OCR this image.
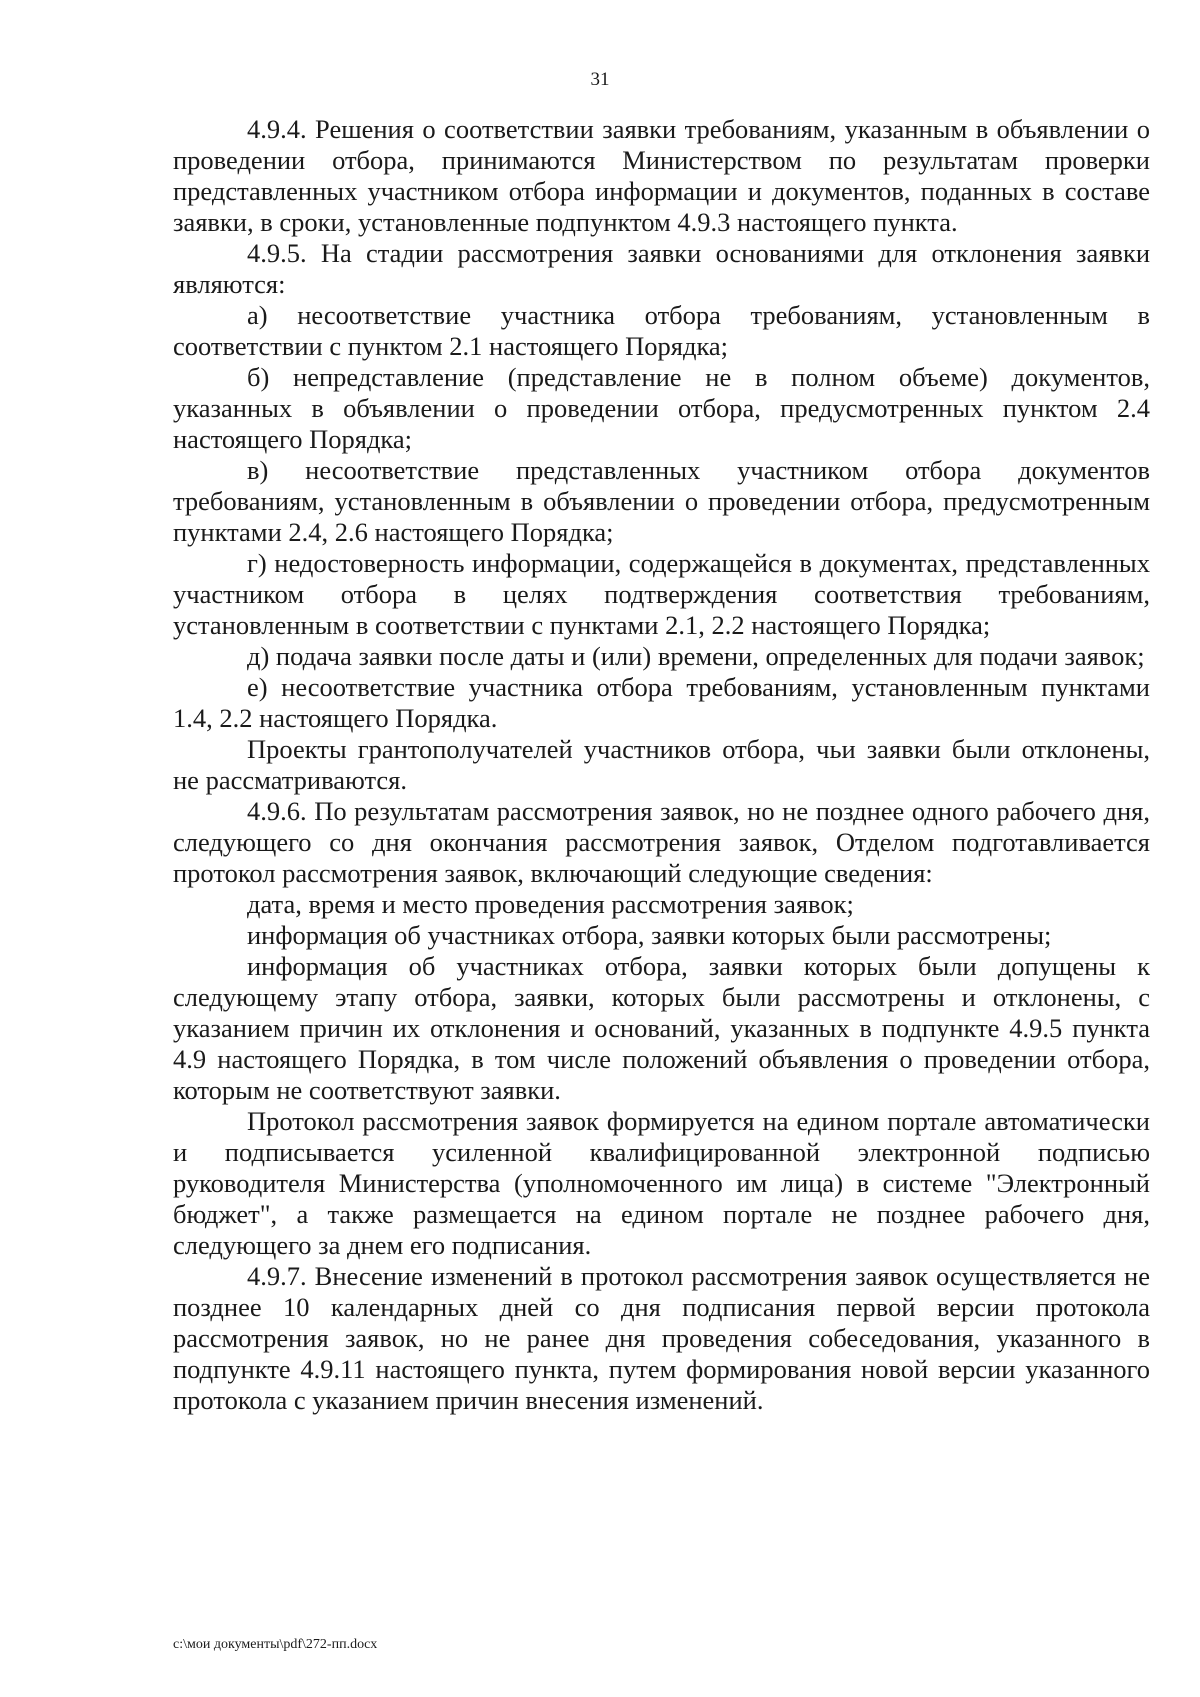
31

4.9.4. Решения о соответствии заявки требованиям, указанным в объявлении о проведении отбора, принимаются Министерством по результатам проверки представленных участником отбора информации и документов, поданных в составе заявки, в сроки, установленные подпунктом 4.9.3 настоящего пункта.

4.9.5. На стадии рассмотрения заявки основаниями для отклонения заявки являются:

а) несоответствие участника отбора требованиям, установленным в соответствии с пунктом 2.1 настоящего Порядка;

б) непредставление (представление не в полном объеме) документов, указанных в объявлении о проведении отбора, предусмотренных пунктом 2.4 настоящего Порядка;

в) несоответствие представленных участником отбора документов требованиям, установленным в объявлении о проведении отбора, предусмотренным пунктами 2.4, 2.6 настоящего Порядка;

г) недостоверность информации, содержащейся в документах, представленных участником отбора в целях подтверждения соответствия требованиям, установленным в соответствии с пунктами 2.1, 2.2 настоящего Порядка;

д) подача заявки после даты и (или) времени, определенных для подачи заявок;

е) несоответствие участника отбора требованиям, установленным пунктами 1.4, 2.2 настоящего Порядка.

Проекты грантополучателей участников отбора, чьи заявки были отклонены, не рассматриваются.

4.9.6. По результатам рассмотрения заявок, но не позднее одного рабочего дня, следующего со дня окончания рассмотрения заявок, Отделом подготавливается протокол рассмотрения заявок, включающий следующие сведения:

дата, время и место проведения рассмотрения заявок;

информация об участниках отбора, заявки которых были рассмотрены;

информация об участниках отбора, заявки которых были допущены к следующему этапу отбора, заявки, которых были рассмотрены и отклонены, с указанием причин их отклонения и оснований, указанных в подпункте 4.9.5 пункта 4.9 настоящего Порядка, в том числе положений объявления о проведении отбора, которым не соответствуют заявки.

Протокол рассмотрения заявок формируется на едином портале автоматически и подписывается усиленной квалифицированной электронной подписью руководителя Министерства (уполномоченного им лица) в системе "Электронный бюджет", а также размещается на едином портале не позднее рабочего дня, следующего за днем его подписания.

4.9.7. Внесение изменений в протокол рассмотрения заявок осуществляется не позднее 10 календарных дней со дня подписания первой версии протокола рассмотрения заявок, но не ранее дня проведения собеседования, указанного в подпункте 4.9.11 настоящего пункта, путем формирования новой версии указанного протокола с указанием причин внесения изменений.

c:\мои документы\pdf\272-пп.docx
